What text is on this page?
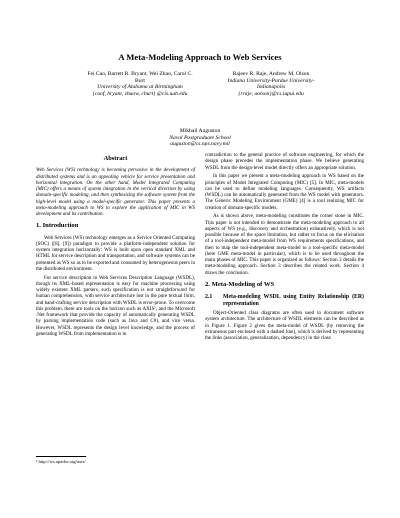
A Meta-Modeling Approach to Web Services
Fei Cao, Barrett R. Bryant, Wei Zhao, Carol C.
Burt
University of Alabama at Birmingham
{caof, bryant, zhaow, cburt} @cis.uab.edu
Rajeev R. Raje, Andrew M. Olson
Indiana University-Purdue University-
Indianapolis
{rraje, aolson}@cs.iupui.edu
Mikhail Auguston
Naval Postgraduate School
auguston@cs.nps.navy.mil
Abstract

Web Services (WS) technology is becoming pervasive in the development of distributed systems and is an appealing vehicle for service presentation and horizontal integration. On the other hand, Model Integrated Computing (MIC) offers a means of system integration in the vertical direction by using domain-specific modeling, and then synthesizing the software system from the high-level model using a model-specific generator. This paper presents a meta-modeling approach to WS to explore the application of MIC in WS development and its contribution.

1. Introduction

Web Services (WS) technology emerges as a Service Oriented Computing (SOC) ([8], [9]) paradigm to provide a platform-independent solution for system integration horizontally: WS is built upon open standard XML and HTML for service description and transportation, and software systems can be presented as WS so as to be exported and consumed by heterogeneous peers in the distributed environment.

For service description in Web Services Description Language (WSDL), though its XML-based representation is easy for machine processing using widely existent XML parsers, such specification is not straightforward for human comprehension, with service architecture lost in the pure textual form, and hand-crafting service description with WSDL is error-prone. To overcome this problem, there are tools on the horizon such as AXIS¹, and the Microsoft .Net framework that provide the capacity of automatically generating WSDL by parsing implementation code (such as Java and C#), and vice versa. However, WSDL represents the design level knowledge, and the process of generating WSDL from implementation is in

contradiction to the general practice of software engineering, for which the design phase precedes the implementation phase. We believe generating WSDL from the design-level model directly offers an appropriate solution.

In this paper we present a meta-modeling approach to WS based on the principles of Model Integrated Computing (MIC) [5]. In MIC, meta-models can be used to define modeling languages. Consequently, WS artifacts (WSDL) can be automatically generated from the WS model with generators. The Generic Modeling Environment (GME) [4] is a tool realizing MIC for creation of domain-specific models.

As is shown above, meta-modeling constitutes the corner stone in MIC. This paper is not intended to demonstrate the meta-modeling approach to all aspects of WS (e.g., discovery and orchestration) exhaustively, which is not possible because of the space limitation, but rather to focus on the elicitation of a tool-independent meta-model from WS requirements specifications, and then to map the tool-independent meta-model to a tool-specific meta-model (here GME meta-model in particular), which is to be used throughout the main phases of MIC. This paper is organized as follows: Section 2 details the meta-modeling approach. Section 3 describes the related work. Section 4 draws the conclusion.

2. Meta-Modeling of WS
2.1	Meta-modeling WSDL using Entity Relationship (ER) representation

Object-Oriented class diagrams are often used to document software system architecture. The architecture of WSDL elements can be described as in Figure 1. Figure 2 gives the meta-model of WSDL (by removing the extraneous part enclosed with a dashed line), which is derived by representing the links (association, generalization, dependency) in the class

¹ http://ws.apache.org/axis/
